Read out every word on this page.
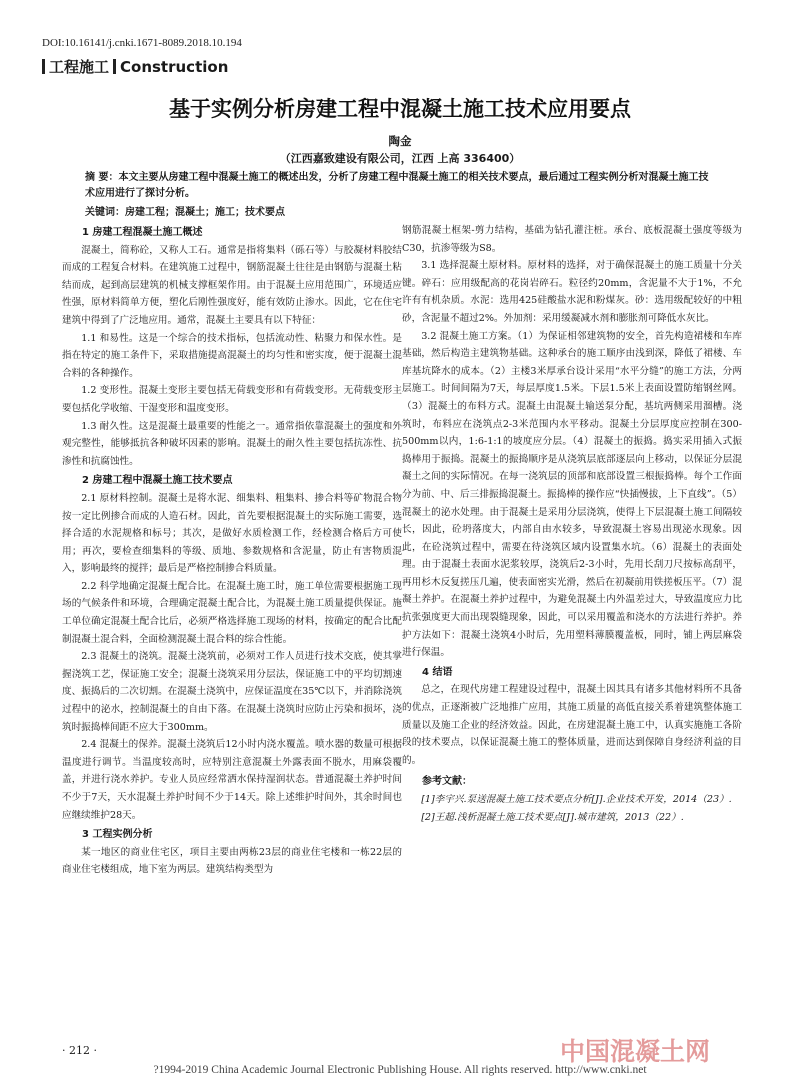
DOI:10.16141/j.cnki.1671-8089.2018.10.194
工程施工 Construction
基于实例分析房建工程中混凝土施工技术应用要点
陶金
（江西嘉致建设有限公司，江西 上高 336400）
摘 要：本文主要从房建工程中混凝土施工的概述出发，分析了房建工程中混凝土施工的相关技术要点，最后通过工程实例分析对混凝土施工技术应用进行了探讨分析。
关键词：房建工程；混凝土；施工；技术要点
1 房建工程混凝土施工概述

混凝土，简称砼，又称人工石。通常是指将集料（砾石等）与胶凝材料胶结而成的工程复合材料。在建筑施工过程中，钢筋混凝土往往是由钢筋与混凝土粘结而成，起到高层建筑的机械支撑框架作用。由于混凝土应用范围广，环境适应性强，原材料简单方便，塑化后刚性强度好，能有效防止渗水。因此，它在住宅建筑中得到了广泛地应用。通常，混凝土主要具有以下特征：

1.1 和易性。这是一个综合的技术指标，包括流动性、粘聚力和保水性。是指在特定的施工条件下，采取措施提高混凝土的均匀性和密实度，便于混凝土混合料的各种操作。

1.2 变形性。混凝土变形主要包括无荷载变形和有荷载变形。无荷载变形主要包括化学收缩、干湿变形和温度变形。

1.3 耐久性。这是混凝土最重要的性能之一。通常指依靠混凝土的强度和外观完整性，能够抵抗各种破坏因素的影响。混凝土的耐久性主要包括抗冻性、抗渗性和抗腐蚀性。

2 房建工程中混凝土施工技术要点

2.1 原材料控制。混凝土是将水泥、细集料、粗集料、掺合料等矿物混合物按一定比例掺合而成的人造石材。因此，首先要根据混凝土的实际施工需要，选择合适的水泥规格和标号；其次，是做好水质检测工作，经检测合格后方可使用；再次，要检查细集料的等级、质地、参数规格和含泥量，防止有害物质混入，影响最终的搅拌；最后是严格控制掺合料质量。

2.2 科学地确定混凝土配合比。在混凝土施工时，施工单位需要根据施工现场的气候条件和环境，合理确定混凝土配合比，为混凝土施工质量提供保证。施工单位确定混凝土配合比后，必须严格选择施工现场的材料，按确定的配合比配制混凝土混合料，全面检测混凝土混合料的综合性能。

2.3 混凝土的浇筑。混凝土浇筑前，必须对工作人员进行技术交底，使其掌握浇筑工艺，保证施工安全；混凝土浇筑采用分层法，保证施工中的平均切割速度、振捣后的二次切割。在混凝土浇筑中，应保证温度在35℃以下，并消除浇筑过程中的泌水，控制混凝土的自由下落。在混凝土浇筑时应防止污染和损坏，浇筑时振捣棒间距不应大于300mm。

2.4 混凝土的保养。混凝土浇筑后12小时内浇水覆盖。喷水器的数量可根据温度进行调节。当温度较高时，应特别注意混凝土外露表面不脱水，用麻袋覆盖，并进行浇水养护。专业人员应经常洒水保持湿润状态。普通混凝土养护时间不少于7天，天水混凝土养护时间不少于14天。除上述维护时间外，其余时间也应继续维护28天。

3 工程实例分析

某一地区的商业住宅区，项目主要由两栋23层的商业住宅楼和一栋22层的商业住宅楼组成，地下室为两层。建筑结构类型为

钢筋混凝土框架-剪力结构，基础为钻孔灌注桩。承台、底板混凝土强度等级为C30，抗渗等级为S8。

3.1 选择混凝土原材料。原材料的选择，对于确保混凝土的施工质量十分关键。碎石：应用级配高的花岗岩碎石。粒径约20mm，含泥量不大于1%，不允许有有机杂质。水泥：选用425硅酸盐水泥和粉煤灰。砂：选用级配较好的中粗砂，含泥量不超过2%。外加剂：采用缓凝减水剂和膨胀剂可降低水灰比。

3.2 混凝土施工方案。（1）为保证相邻建筑物的安全，首先构造裙楼和车库基础，然后构造主建筑物基础。这种承台的施工顺序由浅到深，降低了裙楼、车库基坑降水的成本。（2）主楼3米厚承台设计采用“水平分缝”的施工方法，分两层施工。时间间隔为7天，每层厚度1.5米。下层1.5米上表面设置防缩钢丝网。（3）混凝土的布料方式。混凝土由混凝土输送泵分配，基坑两侧采用溜槽。浇筑时，布料应在浇筑点2-3米范围内水平移动。混凝土分层厚度应控制在300-500mm以内，1:6-1:1的坡度应分层。（4）混凝土的振捣。捣实采用插入式振捣棒用于振捣。混凝土的振捣顺序是从浇筑层底部逐层向上移动，以保证分层混凝土之间的实际情况。在每一浇筑层的顶部和底部设置三根振捣棒。每个工作面分为前、中、后三排振捣混凝土。振捣棒的操作应“快插慢拔，上下直线”。（5）混凝土的泌水处理。由于混凝土是采用分层浇筑，使得上下层混凝土施工间隔较长，因此，砼坍落度大，内部自由水较多，导致混凝土容易出现泌水现象。因此，在砼浇筑过程中，需要在待浇筑区域内设置集水坑。（6）混凝土的表面处理。由于混凝土表面水泥浆较厚，浇筑后2-3小时，先用长刮刀尺按标高刮平，再用杉木反复搓压几遍，使表面密实光滑，然后在初凝前用铁搓板压平。（7）混凝土养护。在混凝土养护过程中，为避免混凝土内外温差过大，导致温度应力比抗张强度更大而出现裂缝现象，因此，可以采用覆盖和浇水的方法进行养护。养护方法如下：混凝土浇筑4小时后，先用塑料薄膜覆盖板，同时，铺上两层麻袋进行保温。

4 结语

总之，在现代房建工程建设过程中，混凝土因其具有诸多其他材料所不具备的优点，正逐渐被广泛地推广应用，其施工质量的高低直接关系着建筑整体施工质量以及施工企业的经济效益。因此，在房建混凝土施工中，认真实施施工各阶段的技术要点，以保证混凝土施工的整体质量，进而达到保障自身经济利益的目的。

参考文献：

[1]李宇兴.泵送混凝土施工技术要点分析[J].企业技术开发，2014（23）.

[2]王超.浅析混凝土施工技术要点[J].城市建筑，2013（22）.

· 212 ·	中国混凝土网
?1994-2019 China Academic Journal Electronic Publishing House. All rights reserved. http://www.cnki.net
